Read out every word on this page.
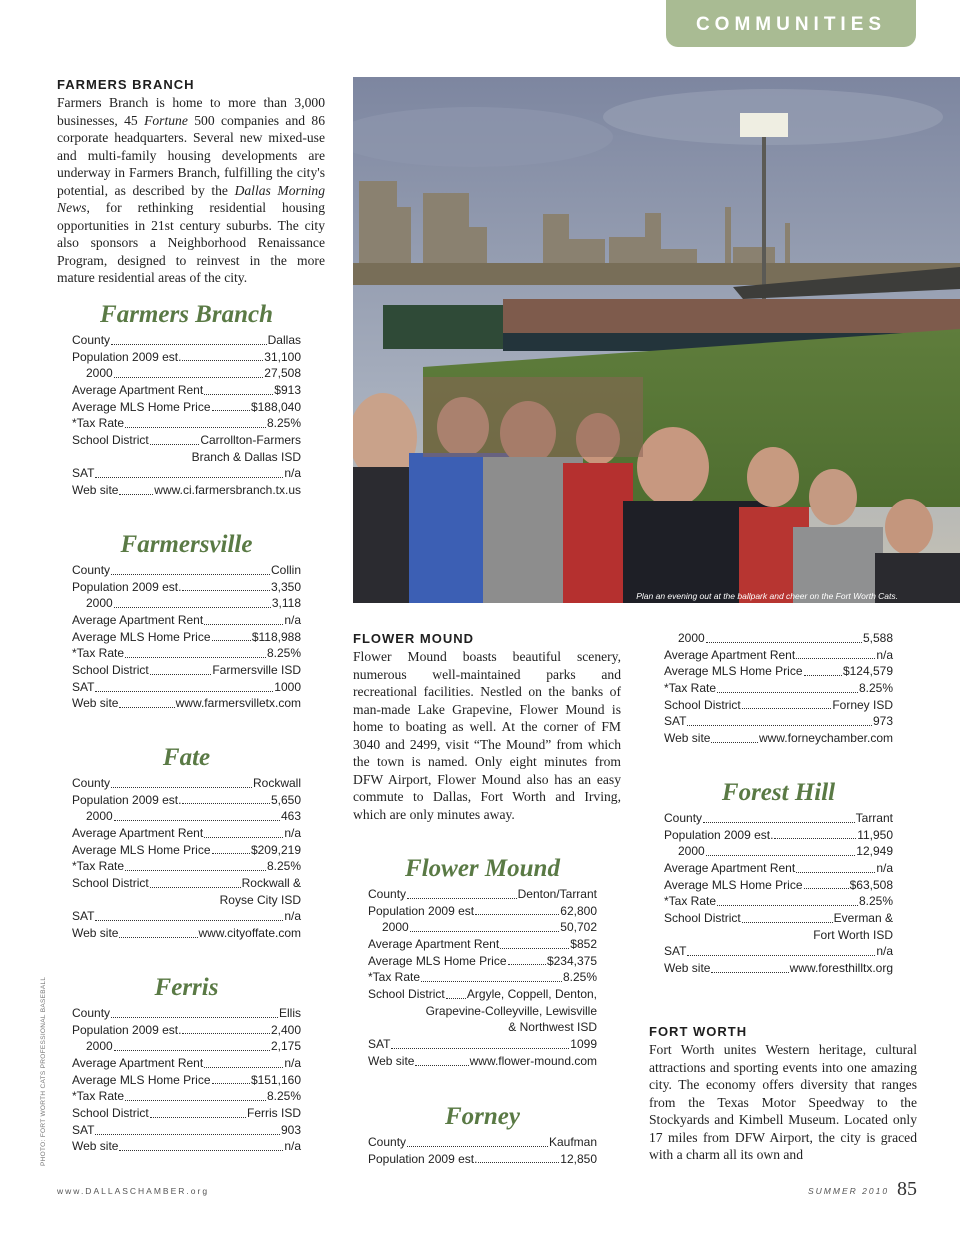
COMMUNITIES
FARMERS BRANCH
Farmers Branch is home to more than 3,000 businesses, 45 Fortune 500 companies and 86 corporate headquarters. Several new mixed-use and multi-family housing developments are underway in Farmers Branch, fulfilling the city's potential, as described by the Dallas Morning News, for rethinking residential housing opportunities in 21st century suburbs. The city also sponsors a Neighborhood Renaissance Program, designed to reinvest in the more mature residential areas of the city.
Farmers Branch
County	Dallas
Population 2009 est.	31,100
2000	27,508
Average Apartment Rent	$913
Average MLS Home Price	$188,040
*Tax Rate	8.25%
School District	Carrollton-Farmers
Branch & Dallas ISD
SAT	n/a
Web site	www.ci.farmersbranch.tx.us
Farmersville
County	Collin
Population 2009 est.	3,350
2000	3,118
Average Apartment Rent	n/a
Average MLS Home Price	$118,988
*Tax Rate	8.25%
School District	Farmersville ISD
SAT	1000
Web site	www.farmersvilletx.com
Fate
County	Rockwall
Population 2009 est.	5,650
2000	463
Average Apartment Rent	n/a
Average MLS Home Price	$209,219
*Tax Rate	8.25%
School District	Rockwall &
Royse City ISD
SAT	n/a
Web site	www.cityoffate.com
Ferris
County	Ellis
Population 2009 est.	2,400
2000	2,175
Average Apartment Rent	n/a
Average MLS Home Price	$151,160
*Tax Rate	8.25%
School District	Ferris ISD
SAT	903
Web site	n/a
PHOTO: FORT WORTH CATS PROFESSIONAL BASEBALL
Plan an evening out at the ballpark and cheer on the Fort Worth Cats.
FLOWER MOUND
Flower Mound boasts beautiful scenery, numerous well-maintained parks and recreational facilities. Nestled on the banks of man-made Lake Grapevine, Flower Mound is home to boating as well. At the corner of FM 3040 and 2499, visit “The Mound” from which the town is named. Only eight minutes from DFW Airport, Flower Mound also has an easy commute to Dallas, Fort Worth and Irving, which are only minutes away.
Flower Mound
County	Denton/Tarrant
Population 2009 est	62,800
2000	50,702
Average Apartment Rent	$852
Average MLS Home Price	$234,375
*Tax Rate	8.25%
School District Argyle, Coppell, Denton,
Grapevine-Colleyville, Lewisville
& Northwest ISD
SAT	1099
Web site	www.flower-mound.com
Forney
County	Kaufman
Population 2009 est.	12,850
2000	5,588
Average Apartment Rent	n/a
Average MLS Home Price	$124,579
*Tax Rate	8.25%
School District	Forney ISD
SAT	973
Web site	www.forneychamber.com
Forest Hill
County	Tarrant
Population 2009 est.	11,950
2000	12,949
Average Apartment Rent	n/a
Average MLS Home Price	$63,508
*Tax Rate	8.25%
School District	Everman &
Fort Worth ISD
SAT	n/a
Web site	www.foresthilltx.org
FORT WORTH
Fort Worth unites Western heritage, cultural attractions and sporting events into one amazing city. The economy offers diversity that ranges from the Texas Motor Speedway to the Stockyards and Kimbell Museum. Located only 17 miles from DFW Airport, the city is graced with a charm all its own and
www.DALLASCHAMBER.org	SUMMER 2010 85
